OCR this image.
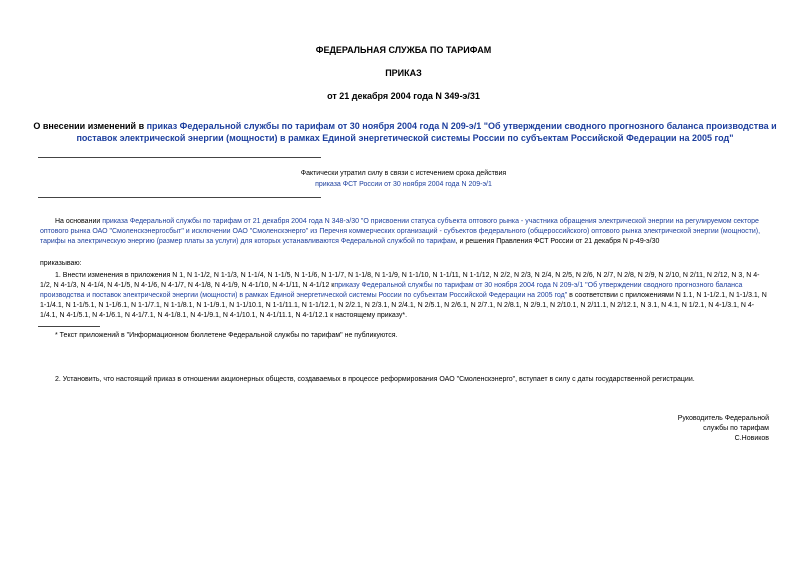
ФЕДЕРАЛЬНАЯ СЛУЖБА ПО ТАРИФАМ
ПРИКАЗ
от 21 декабря 2004 года N 349-э/31
О внесении изменений в приказ Федеральной службы по тарифам от 30 ноября 2004 года N 209-э/1 "Об утверждении сводного прогнозного баланса производства и поставок электрической энергии (мощности) в рамках Единой энергетической системы России по субъектам Российской Федерации на 2005 год"
Фактически утратил силу в связи с истечением срока действия
приказа ФСТ России от 30 ноября 2004 года N 209-э/1
На основании приказа Федеральной службы по тарифам от 21 декабря 2004 года N 348-э/30 "О присвоении статуса субъекта оптового рынка - участника обращения электрической энергии на регулируемом секторе оптового рынка ОАО "Смоленскэнергосбыт" и исключении ОАО "Смоленскэнерго" из Перечня коммерческих организаций - субъектов федерального (общероссийского) оптового рынка электрической энергии (мощности), тарифы на электрическую энергию (размер платы за услуги) для которых устанавливаются Федеральной службой по тарифам, и решения Правления ФСТ России от 21 декабря N р-49-э/30
приказываю:
1. Внести изменения в приложения N 1, N 1-1/2, N 1-1/3, N 1-1/4, N 1-1/5, N 1-1/6, N 1-1/7, N 1-1/8, N 1-1/9, N 1-1/10, N 1-1/11, N 1-1/12, N 2/2, N 2/3, N 2/4, N 2/5, N 2/6, N 2/7, N 2/8, N 2/9, N 2/10, N 2/11, N 2/12, N 3, N 4-1/2, N 4-1/3, N 4-1/4, N 4-1/5, N 4-1/6, N 4-1/7, N 4-1/8, N 4-1/9, N 4-1/10, N 4-1/11, N 4-1/12 кприказу Федеральной службы по тарифам от 30 ноября 2004 года N 209-э/1 "Об утверждении сводного прогнозного баланса производства и поставок электрической энергии (мощности) в рамках Единой энергетической системы России по субъектам Российской Федерации на 2005 год" в соответствии с приложениями N 1.1, N 1-1/2.1, N 1-1/3.1, N 1-1/4.1, N 1-1/5.1, N 1-1/6.1, N 1-1/7.1, N 1-1/8.1, N 1-1/9.1, N 1-1/10.1, N 1-1/11.1, N 1-1/12.1, N 2/2.1, N 2/3.1, N 2/4.1, N 2/5.1, N 2/6.1, N 2/7.1, N 2/8.1, N 2/9.1, N 2/10.1, N 2/11.1, N 2/12.1, N 3.1, N 4.1, N 1/2.1, N 4-1/3.1, N 4-1/4.1, N 4-1/5.1, N 4-1/6.1, N 4-1/7.1, N 4-1/8.1, N 4-1/9.1, N 4-1/10.1, N 4-1/11.1, N 4-1/12.1 к настоящему приказу*.
* Текст приложений в "Информационном бюллетене Федеральной службы по тарифам" не публикуются.
2. Установить, что настоящий приказ в отношении акционерных обществ, создаваемых в процессе реформирования ОАО "Смоленскэнерго", вступает в силу с даты государственной регистрации.
Руководитель Федеральной
службы по тарифам
С.Новиков
